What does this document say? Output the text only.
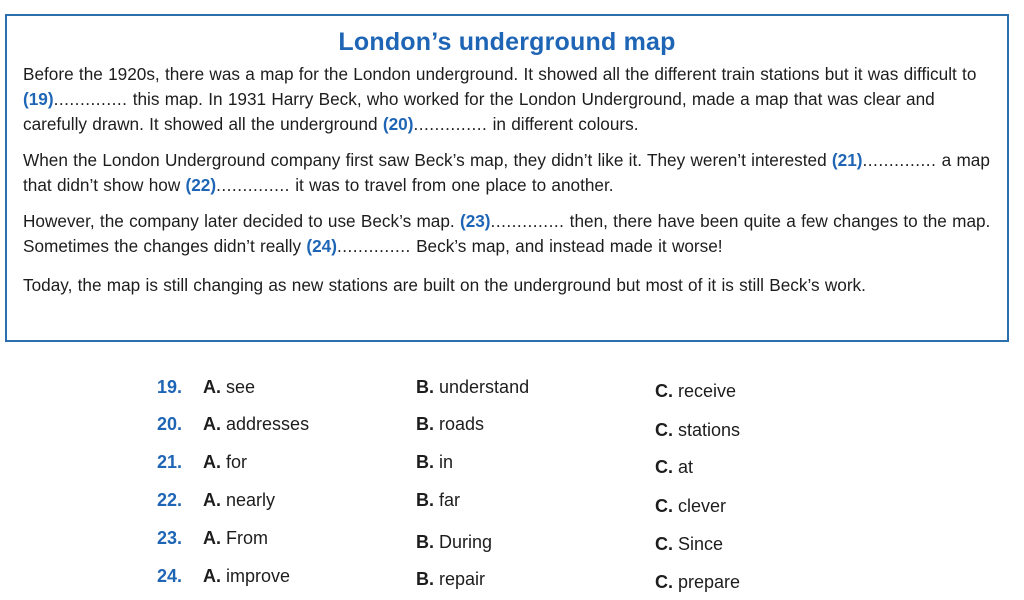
London’s underground map

Before the 1920s, there was a map for the London underground. It showed all the different train stations but it was difficult to (19).............. this map. In 1931 Harry Beck, who worked for the London Underground, made a map that was clear and carefully drawn. It showed all the underground (20).............. in different colours.

When the London Underground company first saw Beck’s map, they didn’t like it. They weren’t interested (21).............. a map that didn’t show how (22).............. it was to travel from one place to another.

However, the company later decided to use Beck’s map. (23).............. then, there have been quite a few changes to the map. Sometimes the changes didn’t really (24).............. Beck’s map, and instead made it worse!

Today, the map is still changing as new stations are built on the underground but most of it is still Beck’s work.

19. A. see	B. understand	C. receive
20. A. addresses	B. roads	C. stations
21. A. for	B. in	C. at
22. A. nearly	B. far	C. clever
23. A. From	B. During	C. Since
24. A. improve	B. repair	C. prepare
